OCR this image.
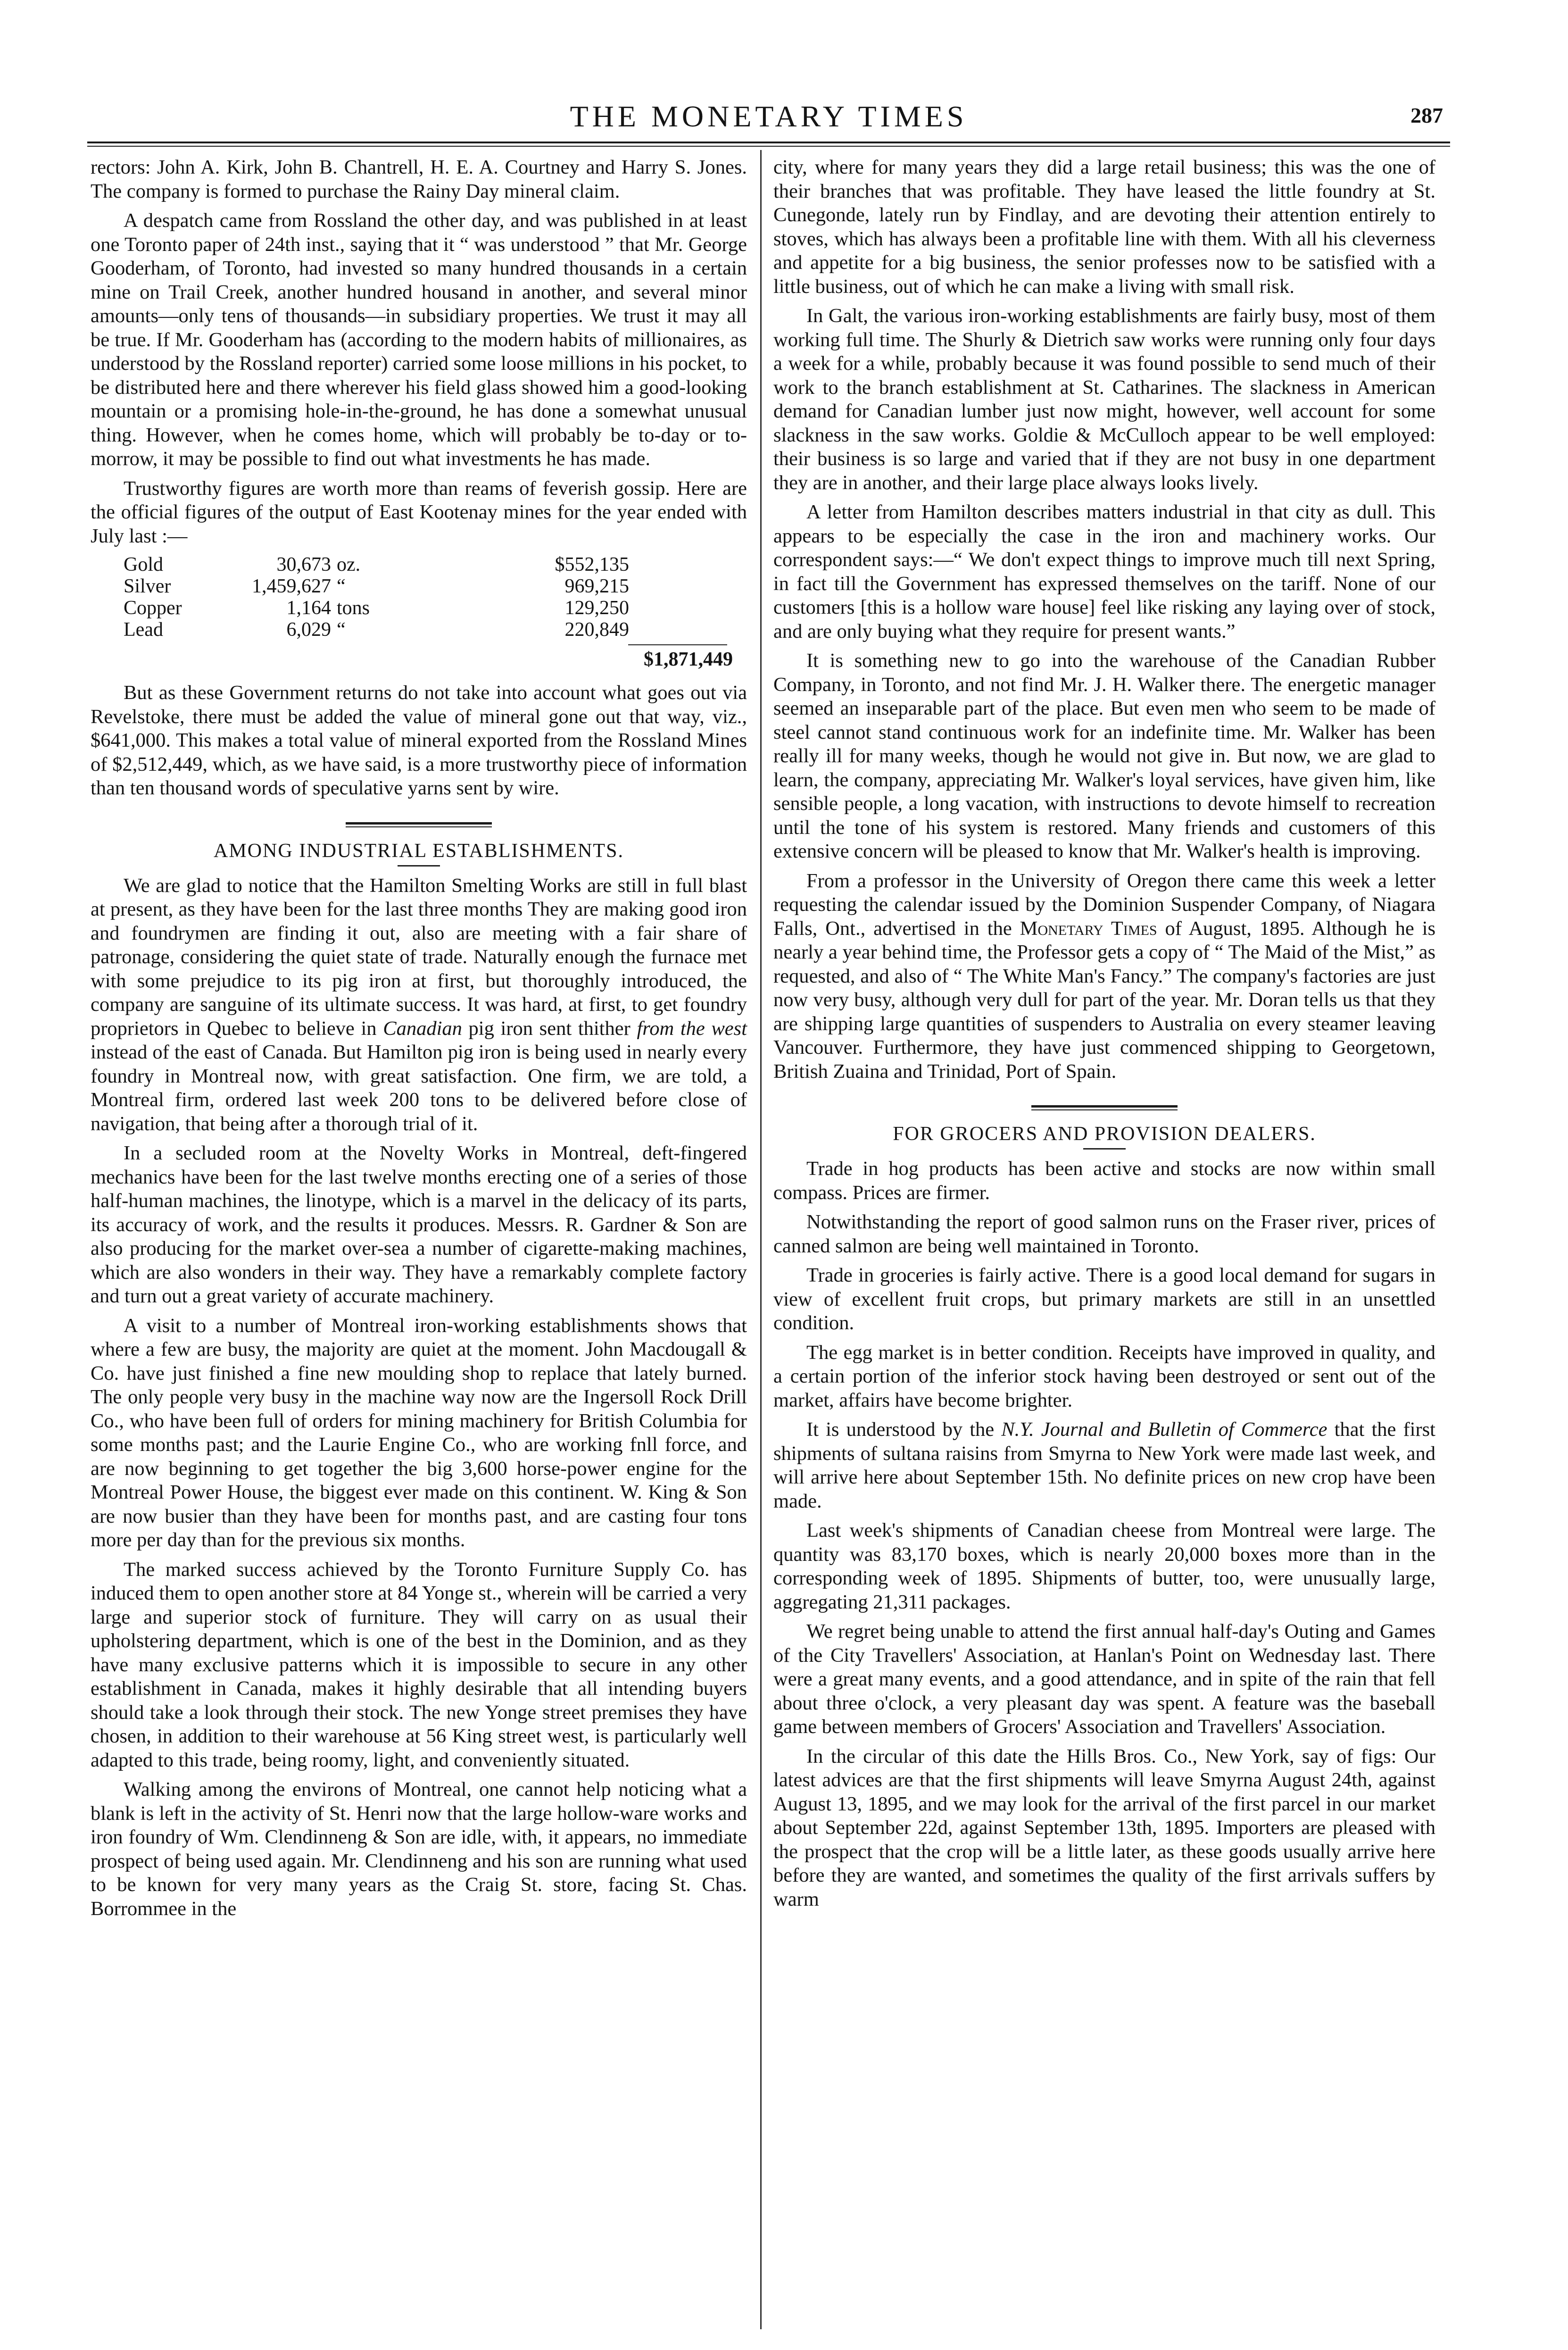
THE MONETARY TIMES	287

rectors: John A. Kirk, John B. Chantrell, H. E. A. Courtney and Harry S. Jones. The company is formed to purchase the Rainy Day mineral claim.

A despatch came from Rossland the other day, and was published in at least one Toronto paper of 24th inst., saying that it “ was understood ” that Mr. George Gooderham, of Toronto, had invested so many hundred thousands in a certain mine on Trail Creek, another hundred housand in another, and several minor amounts—only tens of thousands—in subsidiary properties. We trust it may all be true. If Mr. Gooderham has (according to the modern habits of millionaires, as understood by the Rossland reporter) carried some loose millions in his pocket, to be distributed here and there wherever his field glass showed him a good-looking mountain or a promising hole-in-the-ground, he has done a somewhat unusual thing. However, when he comes home, which will probably be to-day or to-morrow, it may be possible to find out what investments he has made.

Trustworthy figures are worth more than reams of feverish gossip. Here are the official figures of the output of East Kootenay mines for the year ended with July last :—

Gold	30,673	oz.	$552,135
Silver	1,459,627	“	969,215
Copper	1,164	tons	129,250
Lead	6,029	“	220,849
$1,871,449

But as these Government returns do not take into account what goes out via Revelstoke, there must be added the value of mineral gone out that way, viz., $641,000. This makes a total value of mineral exported from the Rossland Mines of $2,512,449, which, as we have said, is a more trustworthy piece of information than ten thousand words of speculative yarns sent by wire.

AMONG INDUSTRIAL ESTABLISHMENTS.

We are glad to notice that the Hamilton Smelting Works are still in full blast at present, as they have been for the last three months They are making good iron and foundrymen are finding it out, also are meeting with a fair share of patronage, considering the quiet state of trade. Naturally enough the furnace met with some prejudice to its pig iron at first, but thoroughly introduced, the company are sanguine of its ultimate success. It was hard, at first, to get foundry proprietors in Quebec to believe in Canadian pig iron sent thither from the west instead of the east of Canada. But Hamilton pig iron is being used in nearly every foundry in Montreal now, with great satisfaction. One firm, we are told, a Montreal firm, ordered last week 200 tons to be delivered before close of navigation, that being after a thorough trial of it.

In a secluded room at the Novelty Works in Montreal, deft-fingered mechanics have been for the last twelve months erecting one of a series of those half-human machines, the linotype, which is a marvel in the delicacy of its parts, its accuracy of work, and the results it produces. Messrs. R. Gardner & Son are also producing for the market over-sea a number of cigarette-making machines, which are also wonders in their way. They have a remarkably complete factory and turn out a great variety of accurate machinery.

A visit to a number of Montreal iron-working establishments shows that where a few are busy, the majority are quiet at the moment. John Macdougall & Co. have just finished a fine new moulding shop to replace that lately burned. The only people very busy in the machine way now are the Ingersoll Rock Drill Co., who have been full of orders for mining machinery for British Columbia for some months past; and the Laurie Engine Co., who are working fnll force, and are now beginning to get together the big 3,600 horse-power engine for the Montreal Power House, the biggest ever made on this continent. W. King & Son are now busier than they have been for months past, and are casting four tons more per day than for the previous six months.

The marked success achieved by the Toronto Furniture Supply Co. has induced them to open another store at 84 Yonge st., wherein will be carried a very large and superior stock of furniture. They will carry on as usual their upholstering department, which is one of the best in the Dominion, and as they have many exclusive patterns which it is impossible to secure in any other establishment in Canada, makes it highly desirable that all intending buyers should take a look through their stock. The new Yonge street premises they have chosen, in addition to their warehouse at 56 King street west, is particularly well adapted to this trade, being roomy, light, and conveniently situated.

Walking among the environs of Montreal, one cannot help noticing what a blank is left in the activity of St. Henri now that the large hollow-ware works and iron foundry of Wm. Clendinneng & Son are idle, with, it appears, no immediate prospect of being used again. Mr. Clendinneng and his son are running what used to be known for very many years as the Craig St. store, facing St. Chas. Borrommee in the

city, where for many years they did a large retail business; this was the one of their branches that was profitable. They have leased the little foundry at St. Cunegonde, lately run by Findlay, and are devoting their attention entirely to stoves, which has always been a profitable line with them. With all his cleverness and appetite for a big business, the senior professes now to be satisfied with a little business, out of which he can make a living with small risk.

In Galt, the various iron-working establishments are fairly busy, most of them working full time. The Shurly & Dietrich saw works were running only four days a week for a while, probably because it was found possible to send much of their work to the branch establishment at St. Catharines. The slackness in American demand for Canadian lumber just now might, however, well account for some slackness in the saw works. Goldie & McCulloch appear to be well employed: their business is so large and varied that if they are not busy in one department they are in another, and their large place always looks lively.

A letter from Hamilton describes matters industrial in that city as dull. This appears to be especially the case in the iron and machinery works. Our correspondent says:—“ We don't expect things to improve much till next Spring, in fact till the Government has expressed themselves on the tariff. None of our customers [this is a hollow ware house] feel like risking any laying over of stock, and are only buying what they require for present wants.”

It is something new to go into the warehouse of the Canadian Rubber Company, in Toronto, and not find Mr. J. H. Walker there. The energetic manager seemed an inseparable part of the place. But even men who seem to be made of steel cannot stand continuous work for an indefinite time. Mr. Walker has been really ill for many weeks, though he would not give in. But now, we are glad to learn, the company, appreciating Mr. Walker's loyal services, have given him, like sensible people, a long vacation, with instructions to devote himself to recreation until the tone of his system is restored. Many friends and customers of this extensive concern will be pleased to know that Mr. Walker's health is improving.

From a professor in the University of Oregon there came this week a letter requesting the calendar issued by the Dominion Suspender Company, of Niagara Falls, Ont., advertised in the Monetary Times of August, 1895. Although he is nearly a year behind time, the Professor gets a copy of “ The Maid of the Mist,” as requested, and also of “ The White Man's Fancy.” The company's factories are just now very busy, although very dull for part of the year. Mr. Doran tells us that they are shipping large quantities of suspenders to Australia on every steamer leaving Vancouver. Furthermore, they have just commenced shipping to Georgetown, British Zuaina and Trinidad, Port of Spain.

FOR GROCERS AND PROVISION DEALERS.

Trade in hog products has been active and stocks are now within small compass. Prices are firmer.

Notwithstanding the report of good salmon runs on the Fraser river, prices of canned salmon are being well maintained in Toronto.

Trade in groceries is fairly active. There is a good local demand for sugars in view of excellent fruit crops, but primary markets are still in an unsettled condition.

The egg market is in better condition. Receipts have improved in quality, and a certain portion of the inferior stock having been destroyed or sent out of the market, affairs have become brighter.

It is understood by the N.Y. Journal and Bulletin of Commerce that the first shipments of sultana raisins from Smyrna to New York were made last week, and will arrive here about September 15th. No definite prices on new crop have been made.

Last week's shipments of Canadian cheese from Montreal were large. The quantity was 83,170 boxes, which is nearly 20,000 boxes more than in the corresponding week of 1895. Shipments of butter, too, were unusually large, aggregating 21,311 packages.

We regret being unable to attend the first annual half-day's Outing and Games of the City Travellers' Association, at Hanlan's Point on Wednesday last. There were a great many events, and a good attendance, and in spite of the rain that fell about three o'clock, a very pleasant day was spent. A feature was the baseball game between members of Grocers' Association and Travellers' Association.

In the circular of this date the Hills Bros. Co., New York, say of figs: Our latest advices are that the first shipments will leave Smyrna August 24th, against August 13, 1895, and we may look for the arrival of the first parcel in our market about September 22d, against September 13th, 1895. Importers are pleased with the prospect that the crop will be a little later, as these goods usually arrive here before they are wanted, and sometimes the quality of the first arrivals suffers by warm
